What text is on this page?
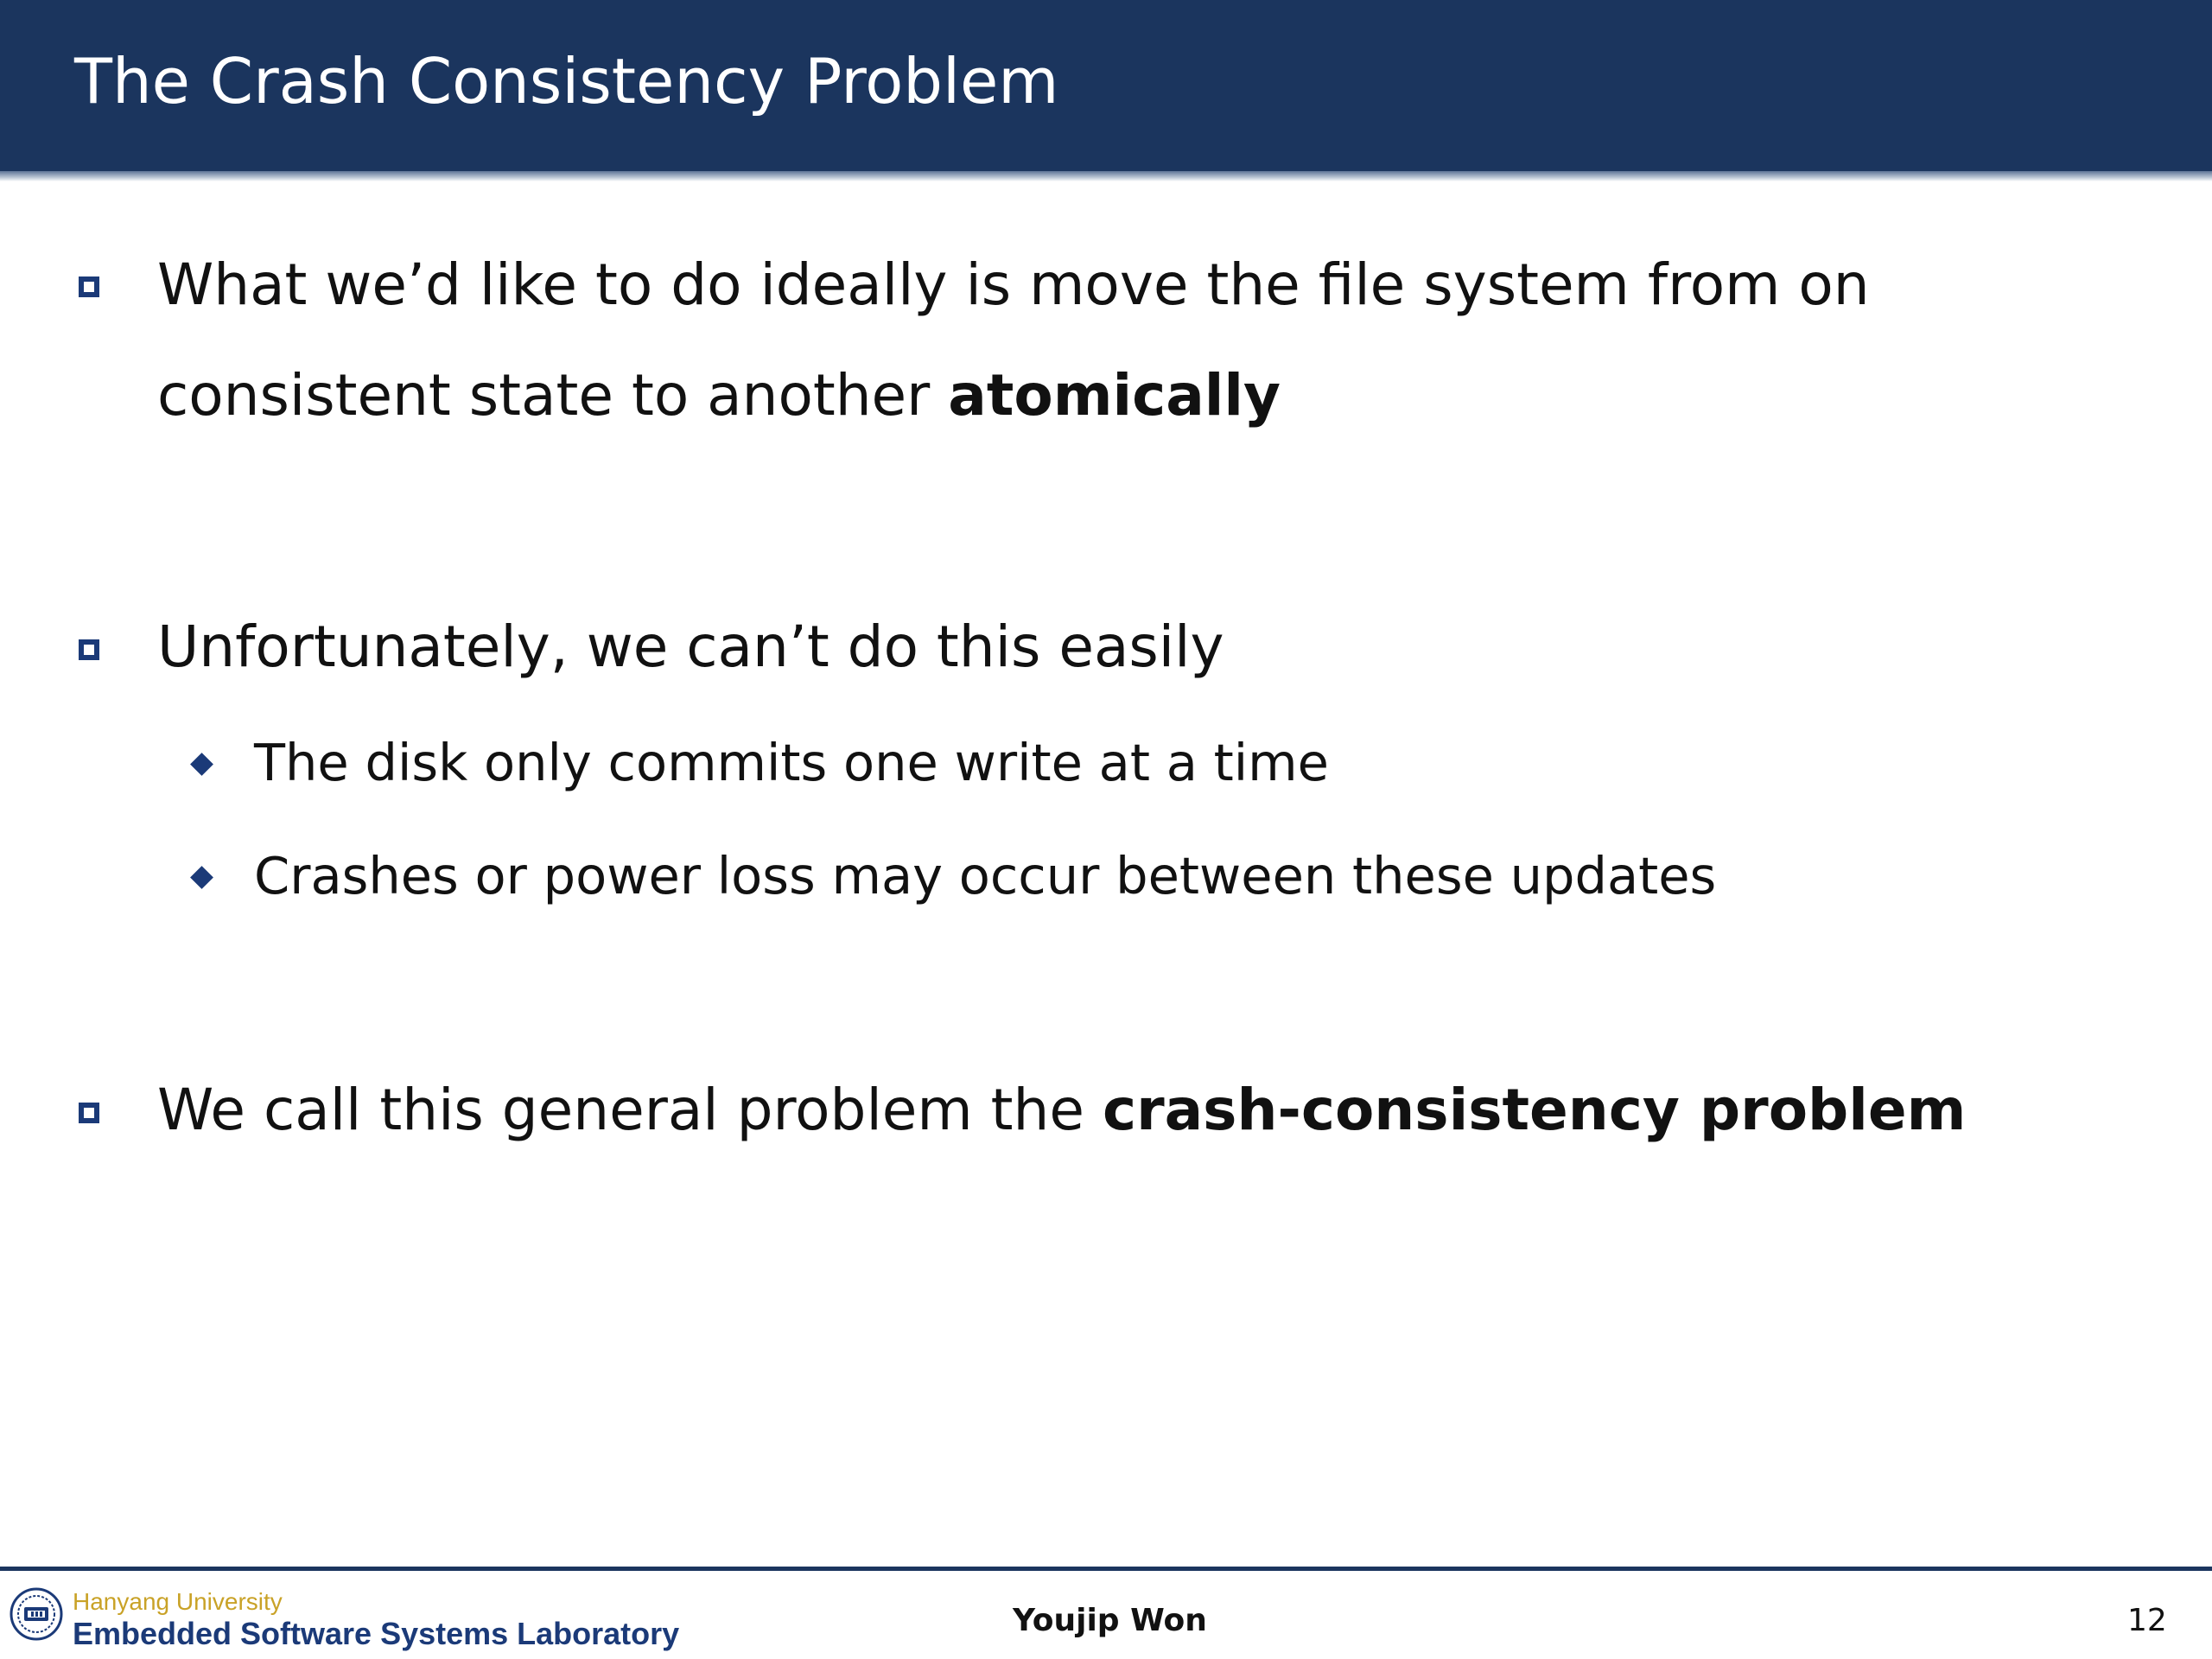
The Crash Consistency Problem
What we’d like to do ideally is move the file system from on
consistent state to another atomically
Unfortunately, we can’t do this easily
The disk only commits one write at a time
Crashes or power loss may occur between these updates
We call this general problem the crash-consistency problem
Hanyang University
Embedded Software Systems Laboratory	Youjip Won	12
